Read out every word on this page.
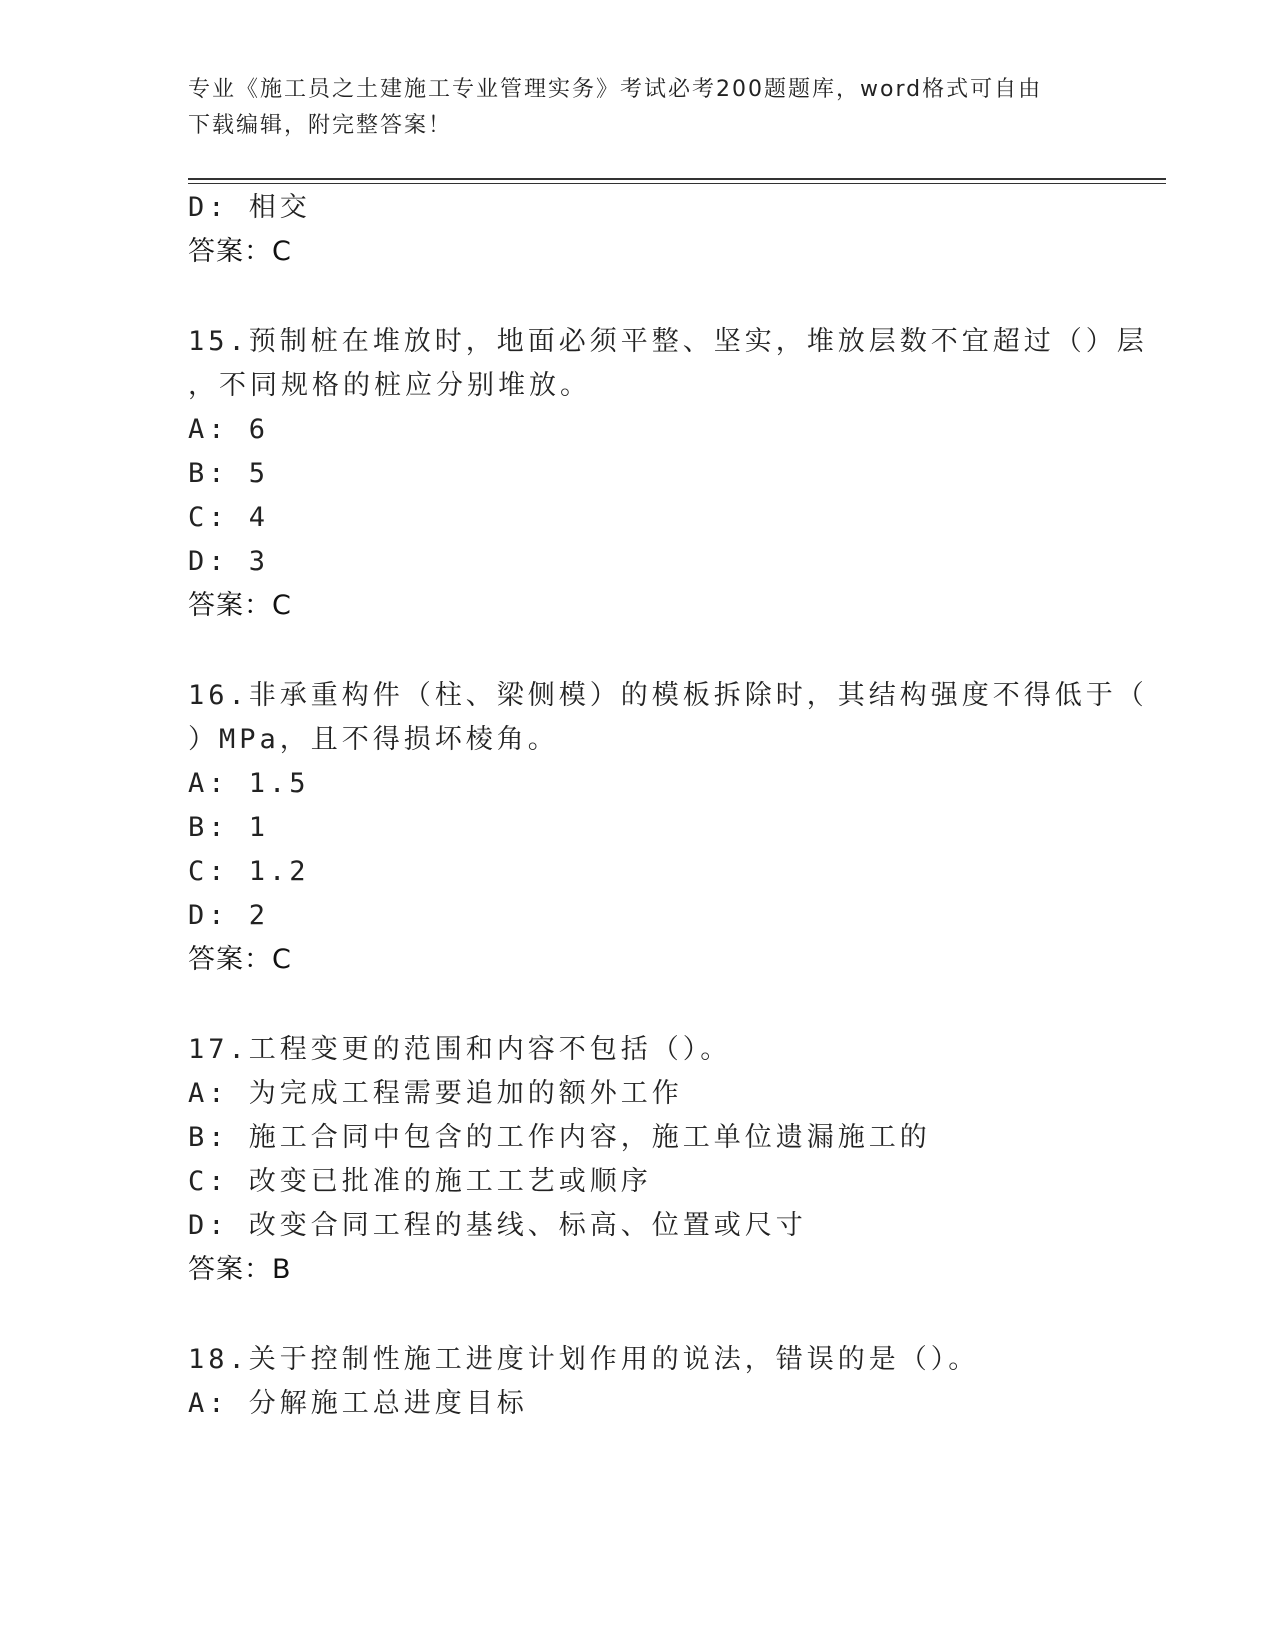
专业《施工员之土建施工专业管理实务》考试必考200题题库，word格式可自由
下载编辑，附完整答案！
D: 相交
答案：C
15.预制桩在堆放时，地面必须平整、坚实，堆放层数不宜超过（）层
，不同规格的桩应分别堆放。
A: 6
B: 5
C: 4
D: 3
答案：C
16.非承重构件（柱、梁侧模）的模板拆除时，其结构强度不得低于（
）MPa，且不得损坏棱角。
A: 1.5
B: 1
C: 1.2
D: 2
答案：C
17.工程变更的范围和内容不包括（）。
A: 为完成工程需要追加的额外工作
B: 施工合同中包含的工作内容，施工单位遗漏施工的
C: 改变已批准的施工工艺或顺序
D: 改变合同工程的基线、标高、位置或尺寸
答案：B
18.关于控制性施工进度计划作用的说法，错误的是（）。
A: 分解施工总进度目标
